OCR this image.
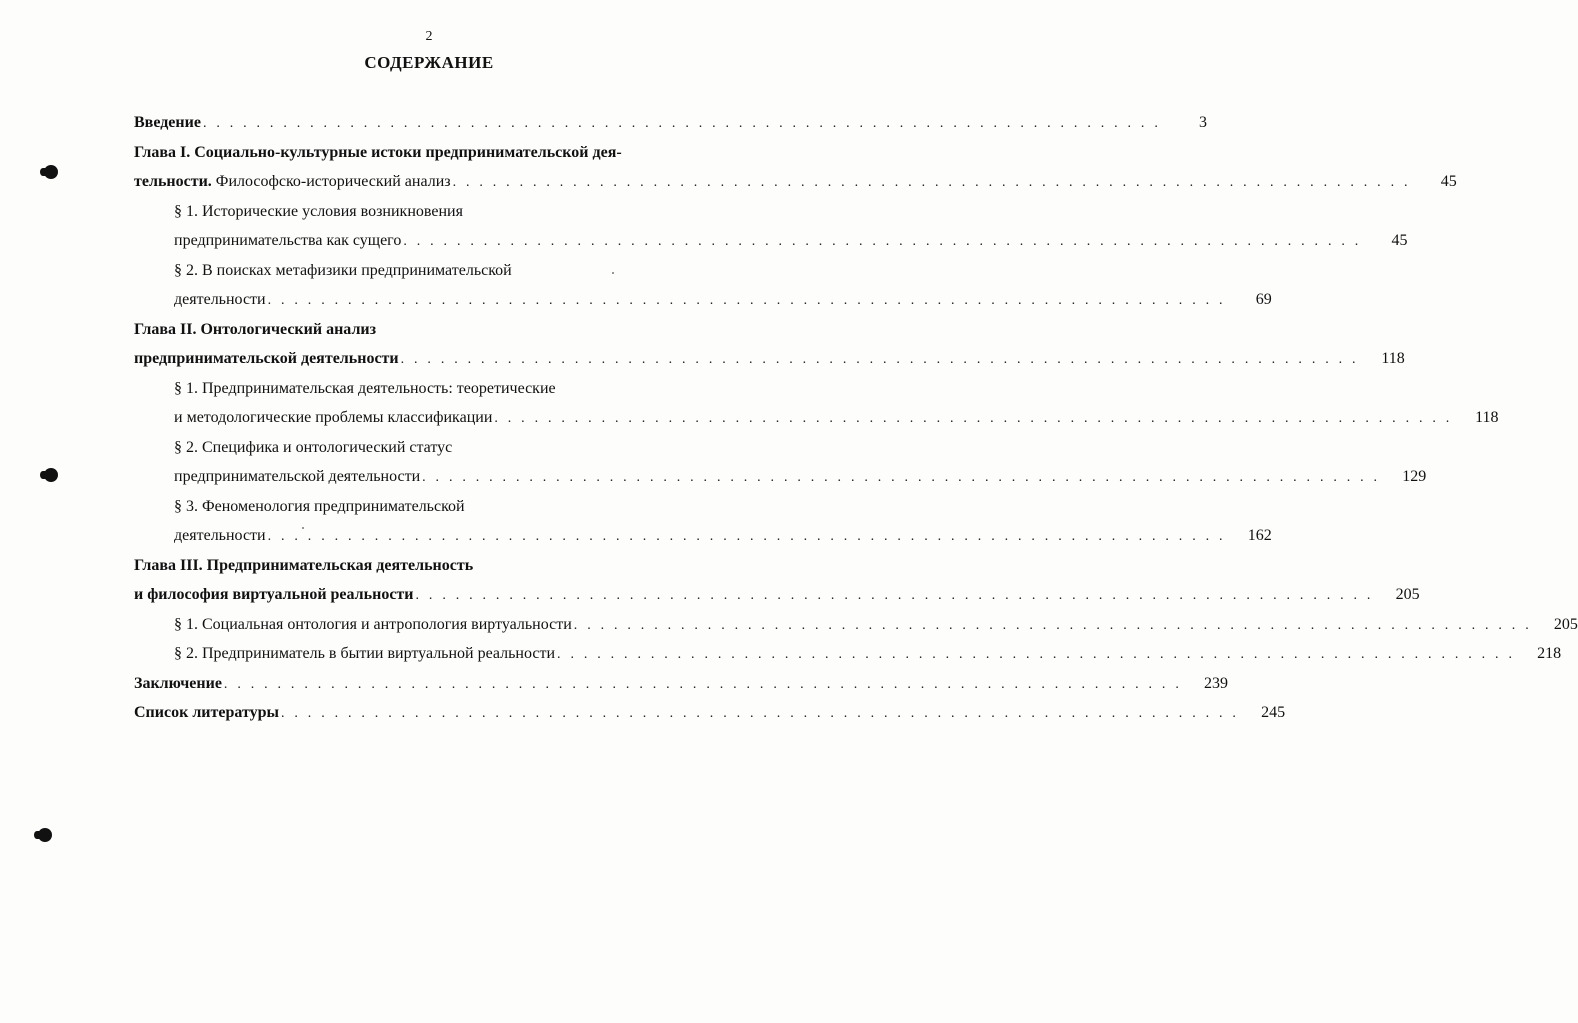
2
СОДЕРЖАНИЕ
Введение . . . . . . . . . . . . . . . . . . . . . . . . . . . . . . . . . . . . . . . . . . . . . . . . . . . . . . . . . . . . . . . . . . . . . . . .	3
Глава I. Социально-культурные истоки предпринимательской дея-
тельности. Философско-исторический анализ . . . . . . . . . . . . . . . . . . . . . . . . . . . . . . . . . . . . . . . . . . . . . . . . . . . . . . . . . . . . . . . . . . . . . . . .	45
§ 1. Исторические условия возникновения
предпринимательства как сущего . . . . . . . . . . . . . . . . . . . . . . . . . . . . . . . . . . . . . . . . . . . . . . . . . . . . . . . . . . . . . . . . . . . . . . . .	45
§ 2. В поисках метафизики предпринимательской
деятельности . . . . . . . . . . . . . . . . . . . . . . . . . . . . . . . . . . . . . . . . . . . . . . . . . . . . . . . . . . . . . . . . . . . . . . . .	69
Глава II. Онтологический анализ
предпринимательской деятельности . . . . . . . . . . . . . . . . . . . . . . . . . . . . . . . . . . . . . . . . . . . . . . . . . . . . . . . . . . . . . . . . . . . . . . . .	118
§ 1. Предпринимательская деятельность: теоретические
и методологические проблемы классификации . . . . . . . . . . . . . . . . . . . . . . . . . . . . . . . . . . . . . . . . . . . . . . . . . . . . . . . . . . . . . . . . . . . . . . . .	118
§ 2. Специфика и онтологический статус
предпринимательской деятельности . . . . . . . . . . . . . . . . . . . . . . . . . . . . . . . . . . . . . . . . . . . . . . . . . . . . . . . . . . . . . . . . . . . . . . . .	129
§ 3. Феноменология предпринимательской
деятельности . . . . . . . . . . . . . . . . . . . . . . . . . . . . . . . . . . . . . . . . . . . . . . . . . . . . . . . . . . . . . . . . . . . . . . . .	162
Глава III. Предпринимательская деятельность
и философия виртуальной реальности . . . . . . . . . . . . . . . . . . . . . . . . . . . . . . . . . . . . . . . . . . . . . . . . . . . . . . . . . . . . . . . . . . . . . . . .	205
§ 1. Социальная онтология и антропология виртуальности . . . . . . . . . . . . . . . . . . . . . . . . . . . . . . . . . . . . . . . . . . . . . . . . . . . . . . . . . . . . . . . . . . . . . . . .	205
§ 2. Предприниматель в бытии виртуальной реальности . . . . . . . . . . . . . . . . . . . . . . . . . . . . . . . . . . . . . . . . . . . . . . . . . . . . . . . . . . . . . . . . . . . . . . . .	218
Заключение . . . . . . . . . . . . . . . . . . . . . . . . . . . . . . . . . . . . . . . . . . . . . . . . . . . . . . . . . . . . . . . . . . . . . . . .	239
Список литературы . . . . . . . . . . . . . . . . . . . . . . . . . . . . . . . . . . . . . . . . . . . . . . . . . . . . . . . . . . . . . . . . . . . . . . . .	245
